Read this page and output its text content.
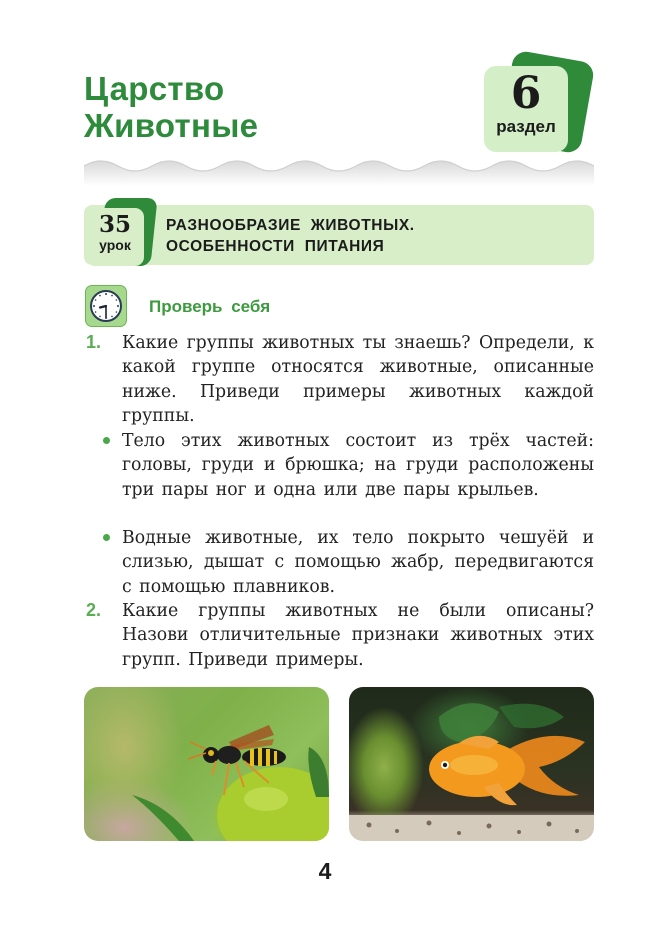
Царство
Животные
6
раздел
35
урок
РАЗНООБРАЗИЕ ЖИВОТНЫХ.
ОСОБЕННОСТИ ПИТАНИЯ
Проверь себя
1. Какие группы животных ты знаешь? Определи, к какой группе относятся животные, описанные ниже. Приведи примеры животных каждой группы.
Тело этих животных состоит из трёх частей: головы, груди и брюшка; на груди расположены три пары ног и одна или две пары крыльев.
Водные животные, их тело покрыто чешуёй и слизью, дышат с помощью жабр, передвигаются с помощью плавников.
2. Какие группы животных не были описаны? Назови отличительные признаки животных этих групп. Приведи примеры.
4
